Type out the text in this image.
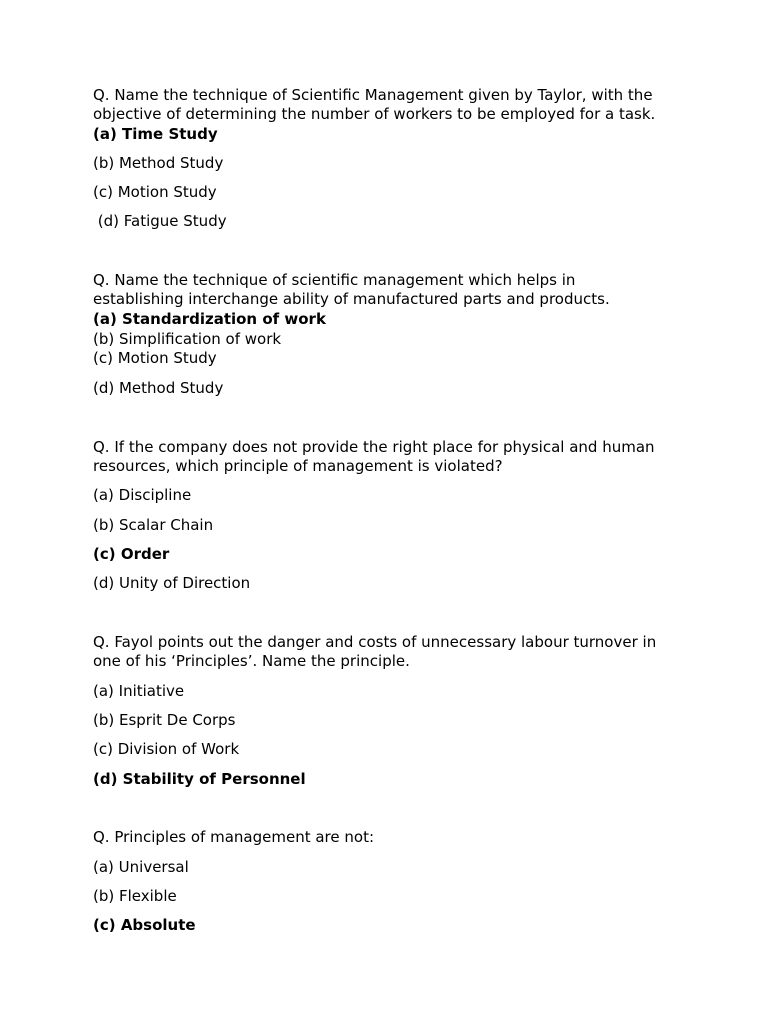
Q. Name the technique of Scientific Management given by Taylor, with the
objective of determining the number of workers to be employed for a task.
(a) Time Study
(b) Method Study
(c) Motion Study
(d) Fatigue Study
Q. Name the technique of scientific management which helps in
establishing interchange ability of manufactured parts and products.
(a) Standardization of work
(b) Simplification of work
(c) Motion Study
(d) Method Study
Q. If the company does not provide the right place for physical and human
resources, which principle of management is violated?
(a) Discipline
(b) Scalar Chain
(c) Order
(d) Unity of Direction
Q. Fayol points out the danger and costs of unnecessary labour turnover in
one of his ‘Principles’. Name the principle.
(a) Initiative
(b) Esprit De Corps
(c) Division of Work
(d) Stability of Personnel
Q. Principles of management are not:
(a) Universal
(b) Flexible
(c) Absolute
